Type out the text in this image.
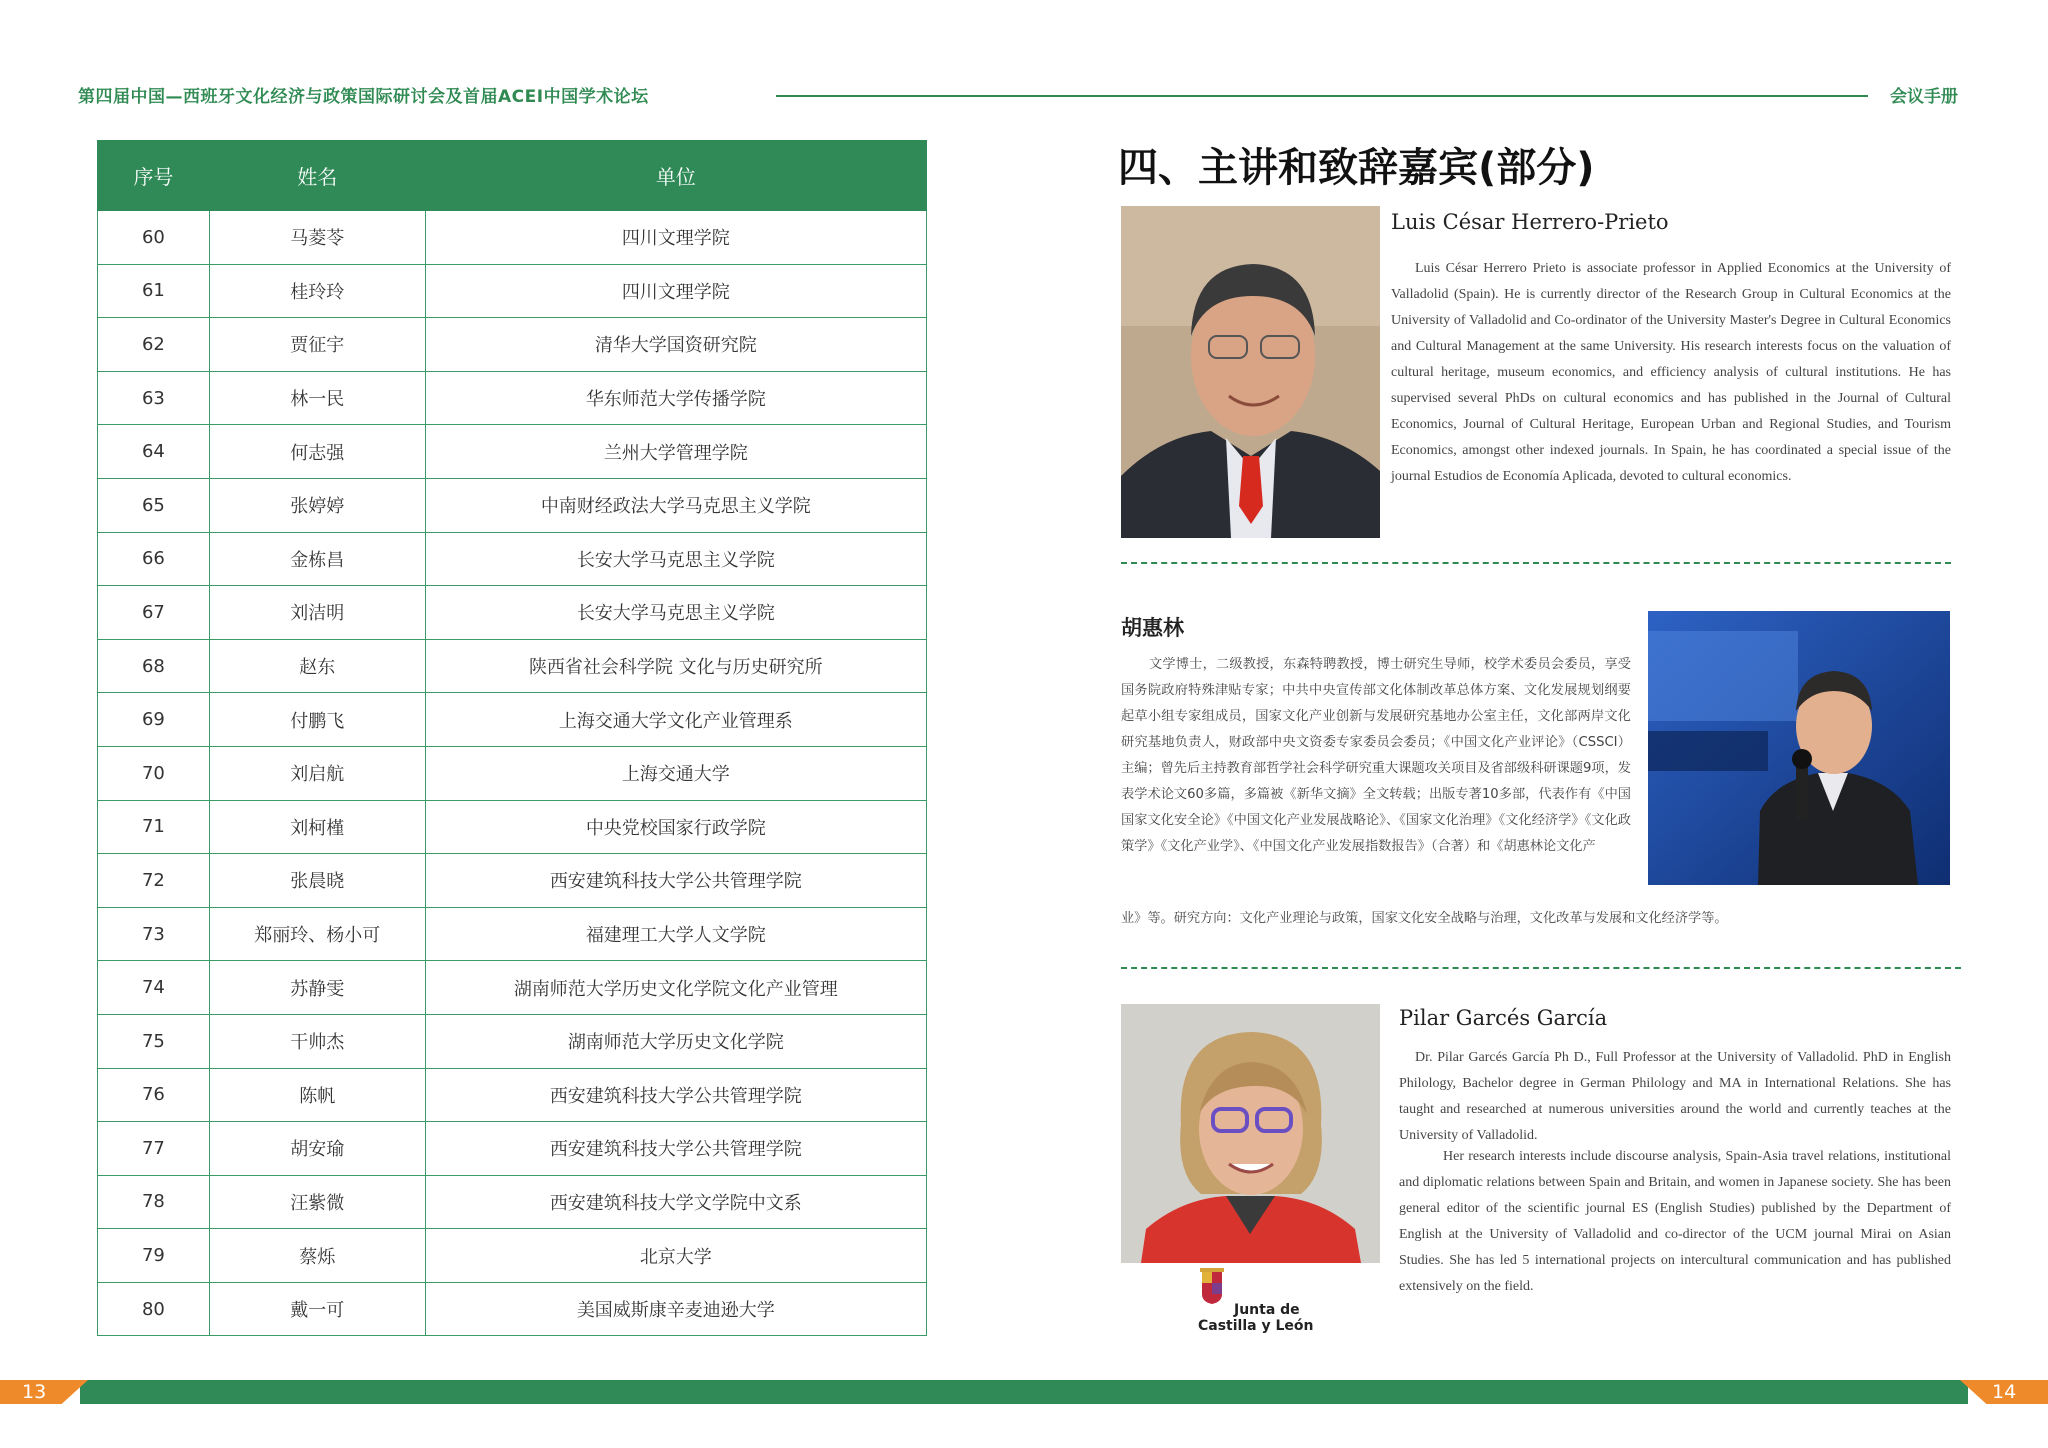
第四届中国—西班牙文化经济与政策国际研讨会及首届ACEI中国学术论坛	会议手册
序号	姓名	单位
60	马菱苓	四川文理学院
61	桂玲玲	四川文理学院
62	贾征宇	清华大学国资研究院
63	林一民	华东师范大学传播学院
64	何志强	兰州大学管理学院
65	张婷婷	中南财经政法大学马克思主义学院
66	金栋昌	长安大学马克思主义学院
67	刘洁明	长安大学马克思主义学院
68	赵东	陕西省社会科学院 文化与历史研究所
69	付鹏飞	上海交通大学文化产业管理系
70	刘启航	上海交通大学
71	刘柯槿	中央党校国家行政学院
72	张晨晓	西安建筑科技大学公共管理学院
73	郑丽玲、杨小可	福建理工大学人文学院
74	苏静雯	湖南师范大学历史文化学院文化产业管理
75	干帅杰	湖南师范大学历史文化学院
76	陈帆	西安建筑科技大学公共管理学院
77	胡安瑜	西安建筑科技大学公共管理学院
78	汪紫微	西安建筑科技大学文学院中文系
79	蔡烁	北京大学
80	戴一可	美国威斯康辛麦迪逊大学
四、主讲和致辞嘉宾(部分)
Luis César Herrero-Prieto
Luis César Herrero Prieto is associate professor in Applied Economics at the University of Valladolid (Spain). He is currently director of the Research Group in Cultural Economics at the University of Valladolid and Co-ordinator of the University Master's Degree in Cultural Economics and Cultural Management at the same University. His research interests focus on the valuation of cultural heritage, museum economics, and efficiency analysis of cultural institutions. He has supervised several PhDs on cultural economics and has published in the Journal of Cultural Economics, Journal of Cultural Heritage, European Urban and Regional Studies, and Tourism Economics, amongst other indexed journals. In Spain, he has coordinated a special issue of the journal Estudios de Economía Aplicada, devoted to cultural economics.
胡惠林
文学博士，二级教授，东森特聘教授，博士研究生导师，校学术委员会委员，享受国务院政府特殊津贴专家；中共中央宣传部文化体制改革总体方案、文化发展规划纲要起草小组专家组成员，国家文化产业创新与发展研究基地办公室主任，文化部两岸文化研究基地负责人，财政部中央文资委专家委员会委员；《中国文化产业评论》（CSSCI）主编；曾先后主持教育部哲学社会科学研究重大课题攻关项目及省部级科研课题9项，发表学术论文60多篇，多篇被《新华文摘》全文转载；出版专著10多部，代表作有《中国国家文化安全论》《中国文化产业发展战略论》、《国家文化治理》《文化经济学》《文化政策学》《文化产业学》、《中国文化产业发展指数报告》（合著）和《胡惠林论文化产
业》等。研究方向：文化产业理论与政策，国家文化安全战略与治理，文化改革与发展和文化经济学等。
Pilar Garcés García
Dr. Pilar Garcés García Ph D., Full Professor at the University of Valladolid. PhD in English Philology, Bachelor degree in German Philology and MA in International Relations. She has taught and researched at numerous universities around the world and currently teaches at the University of Valladolid.
Her research interests include discourse analysis, Spain-Asia travel relations, institutional and diplomatic relations between Spain and Britain, and women in Japanese society. She has been general editor of the scientific journal ES (English Studies) published by the Department of English at the University of Valladolid and co-director of the UCM journal Mirai on Asian Studies. She has led 5 international projects on intercultural communication and has published extensively on the field.
Junta de
Castilla y León
13	14
